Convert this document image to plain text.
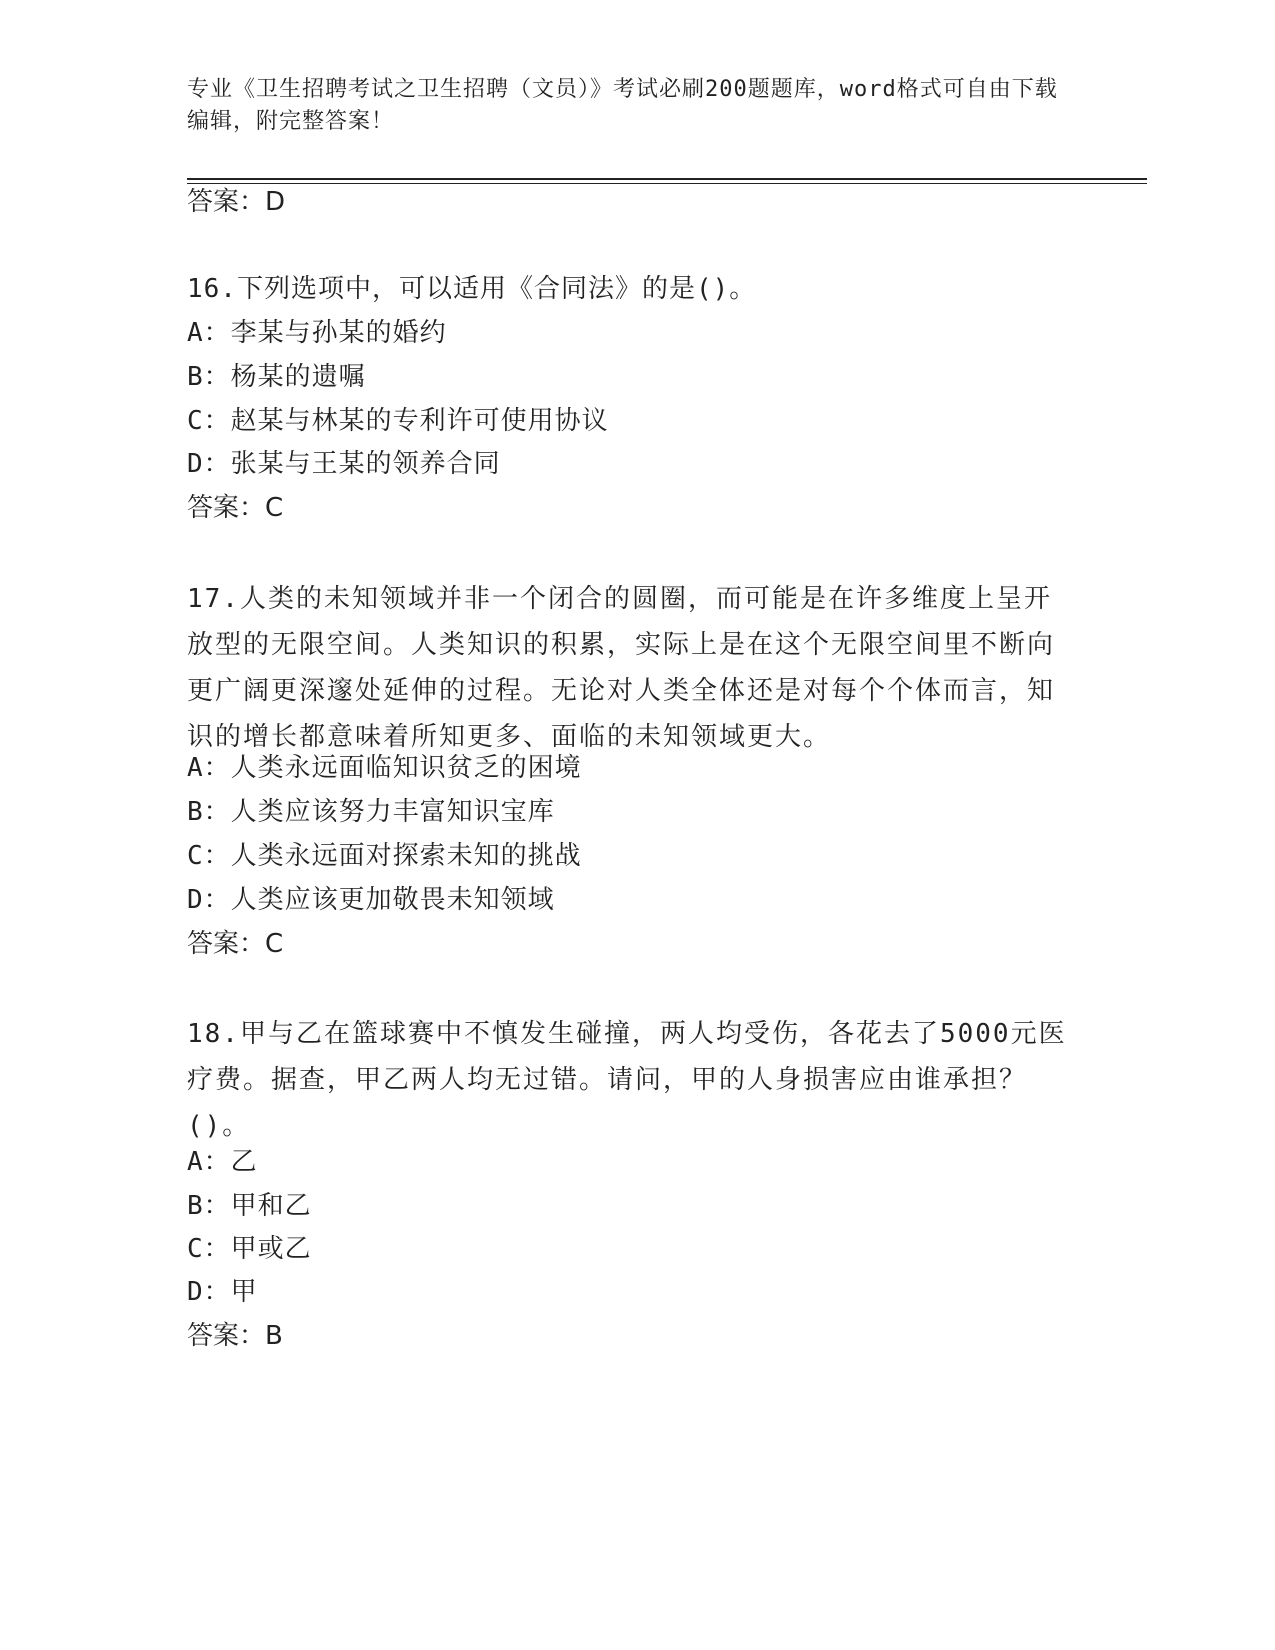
专业《卫生招聘考试之卫生招聘（文员）》考试必刷200题题库，word格式可自由下载编辑，附完整答案！
答案：D
16.下列选项中，可以适用《合同法》的是()。
A：李某与孙某的婚约
B：杨某的遗嘱
C：赵某与林某的专利许可使用协议
D：张某与王某的领养合同
答案：C
17.人类的未知领域并非一个闭合的圆圈，而可能是在许多维度上呈开放型的无限空间。人类知识的积累，实际上是在这个无限空间里不断向更广阔更深邃处延伸的过程。无论对人类全体还是对每个个体而言，知识的增长都意味着所知更多、面临的未知领域更大。
A：人类永远面临知识贫乏的困境
B：人类应该努力丰富知识宝库
C：人类永远面对探索未知的挑战
D：人类应该更加敬畏未知领域
答案：C
18.甲与乙在篮球赛中不慎发生碰撞，两人均受伤，各花去了5000元医疗费。据查，甲乙两人均无过错。请问，甲的人身损害应由谁承担？()。
A：乙
B：甲和乙
C：甲或乙
D：甲
答案：B
